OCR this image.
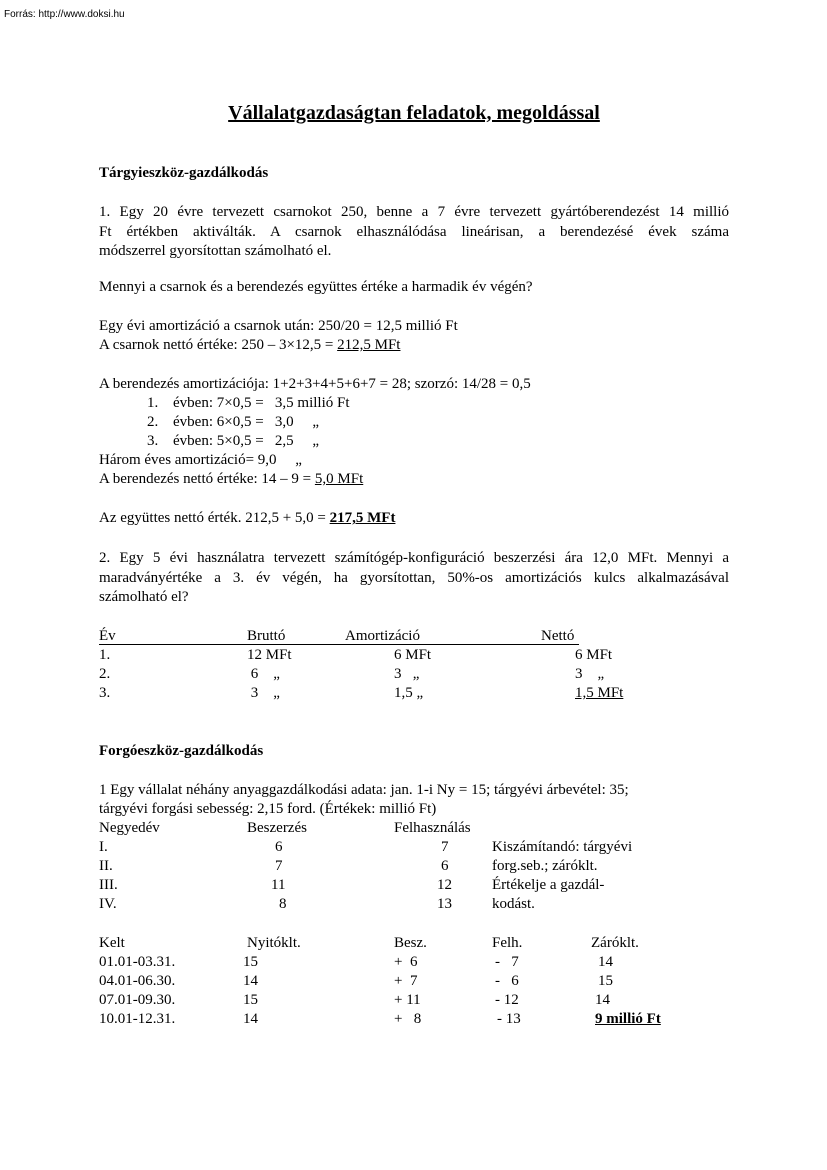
Forrás: http://www.doksi.hu
Vállalatgazdaságtan feladatok, megoldással
Tárgyieszköz-gazdálkodás
1. Egy 20 évre tervezett csarnokot 250, benne a 7 évre tervezett gyártóberendezést 14 millió
Ft értékben aktiválták. A csarnok elhasználódása lineárisan, a berendezésé évek száma
módszerrel gyorsítottan számolható el.
Mennyi a csarnok és a berendezés együttes értéke a harmadik év végén?
Egy évi amortizáció a csarnok után: 250/20 = 12,5 millió Ft
A csarnok nettó értéke: 250 – 3×12,5 = 212,5 MFt
A berendezés amortizációja: 1+2+3+4+5+6+7 = 28; szorzó: 14/28 = 0,5
1. évben: 7×0,5 =   3,5 millió Ft
2. évben: 6×0,5 =   3,0     „
3. évben: 5×0,5 =   2,5     „
Három éves amortizáció= 9,0     „
A berendezés nettó értéke: 14 – 9 = 5,0 MFt
Az együttes nettó érték. 212,5 + 5,0 = 217,5 MFt
2. Egy 5 évi használatra tervezett számítógép-konfiguráció beszerzési ára 12,0 MFt. Mennyi a
maradványértéke a 3. év végén, ha gyorsítottan, 50%-os amortizációs kulcs alkalmazásával
számolható el?
Év	Bruttó	Amortizáció	Nettó
1.	12 MFt	6 MFt	6 MFt
2.	6    „	3   „	3    „
3.	3    „	1,5 „	1,5 MFt
Forgóeszköz-gazdálkodás
1 Egy vállalat néhány anyaggazdálkodási adata: jan. 1-i Ny = 15; tárgyévi árbevétel: 35;
tárgyévi forgási sebesség: 2,15 ford. (Értékek: millió Ft)
Negyedév	Beszerzés	Felhasználás
I.	6	7	Kiszámítandó: tárgyévi
II.	7	6	forg.seb.; záróklt.
III.	11	12	Értékelje a gazdál-
IV.	8	13	kodást.
Kelt	Nyitóklt.	Besz.	Felh.	Záróklt.
01.01-03.31.	15	+  6	-   7	14
04.01-06.30.	14	+  7	-   6	15
07.01-09.30.	15	+ 11	- 12	14
10.01-12.31.	14	+   8	- 13	9 millió Ft
